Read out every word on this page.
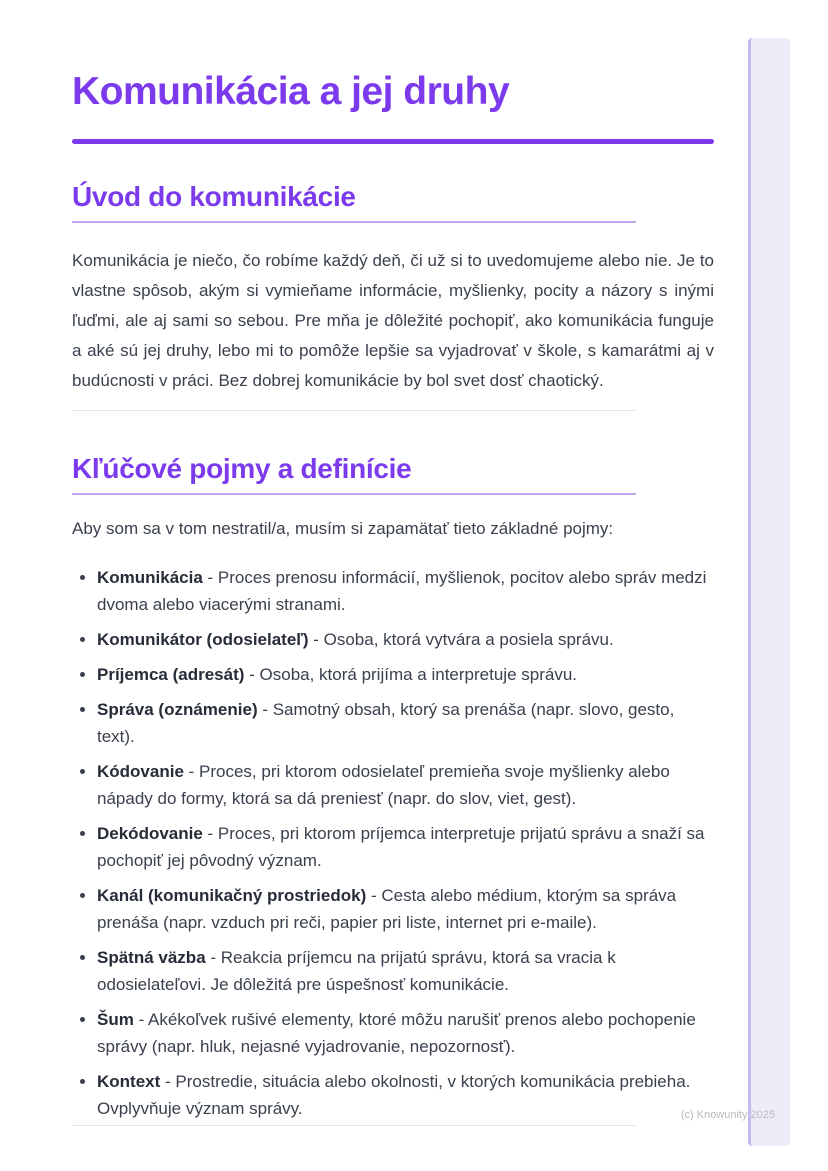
Komunikácia a jej druhy
Úvod do komunikácie

Komunikácia je niečo, čo robíme každý deň, či už si to uvedomujeme alebo nie. Je to vlastne spôsob, akým si vymieňame informácie, myšlienky, pocity a názory s inými ľuďmi, ale aj sami so sebou. Pre mňa je dôležité pochopiť, ako komunikácia funguje a aké sú jej druhy, lebo mi to pomôže lepšie sa vyjadrovať v škole, s kamarátmi aj v budúcnosti v práci. Bez dobrej komunikácie by bol svet dosť chaotický.

Kľúčové pojmy a definície

Aby som sa v tom nestratil/a, musím si zapamätať tieto základné pojmy:

• Komunikácia - Proces prenosu informácií, myšlienok, pocitov alebo správ medzi dvoma alebo viacerými stranami.
• Komunikátor (odosielateľ) - Osoba, ktorá vytvára a posiela správu.
• Príjemca (adresát) - Osoba, ktorá prijíma a interpretuje správu.
• Správa (oznámenie) - Samotný obsah, ktorý sa prenáša (napr. slovo, gesto, text).
• Kódovanie - Proces, pri ktorom odosielateľ premieňa svoje myšlienky alebo nápady do formy, ktorá sa dá preniesť (napr. do slov, viet, gest).
• Dekódovanie - Proces, pri ktorom príjemca interpretuje prijatú správu a snaží sa pochopiť jej pôvodný význam.
• Kanál (komunikačný prostriedok) - Cesta alebo médium, ktorým sa správa prenáša (napr. vzduch pri reči, papier pri liste, internet pri e-maile).
• Spätná väzba - Reakcia príjemcu na prijatú správu, ktorá sa vracia k odosielateľovi. Je dôležitá pre úspešnosť komunikácie.
• Šum - Akékoľvek rušivé elementy, ktoré môžu narušiť prenos alebo pochopenie správy (napr. hluk, nejasné vyjadrovanie, nepozornosť).
• Kontext - Prostredie, situácia alebo okolnosti, v ktorých komunikácia prebieha. Ovplyvňuje význam správy.	(c) Knowunity 2025
